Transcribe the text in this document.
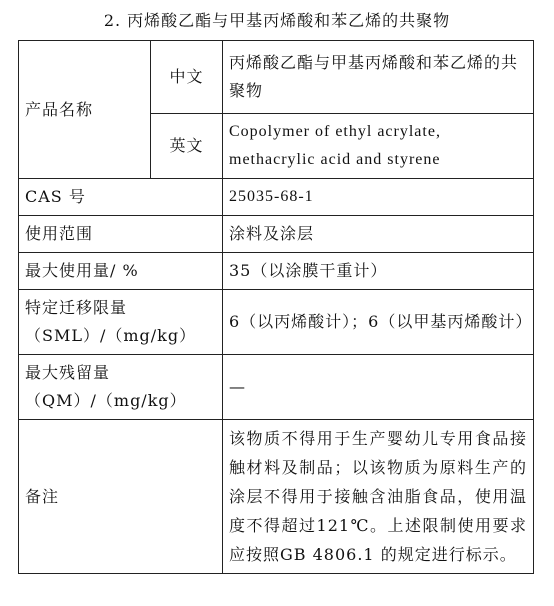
2. 丙烯酸乙酯与甲基丙烯酸和苯乙烯的共聚物
产品名称	中文	丙烯酸乙酯与甲基丙烯酸和苯乙烯的共聚物
	英文	Copolymer of ethyl acrylate,
methacrylic acid and styrene

CAS 号		25035-68-1
使用范围		涂料及涂层
最大使用量/ %		35（以涂膜干重计）

特定迁移限量
（SML）/（mg/kg）		6（以丙烯酸计）；6（以甲基丙烯酸计）

最大残留量
（QM）/（mg/kg）		—
备注		该物质不得用于生产婴幼儿专用食品接触材料及制品；以该物质为原料生产的涂层不得用于接触含油脂食品，使用温度不得超过121℃。上述限制使用要求应按照GB 4806.1 的规定进行标示。
